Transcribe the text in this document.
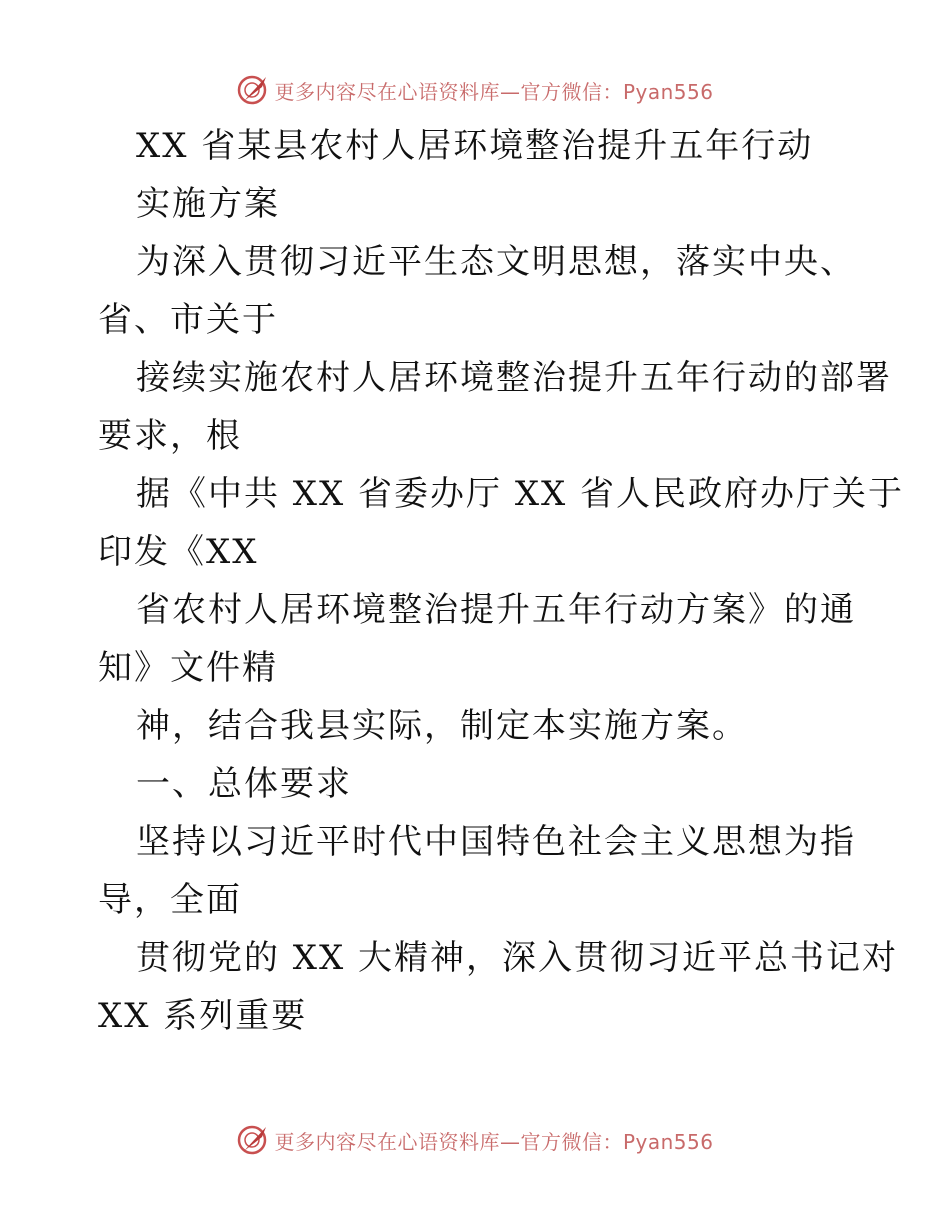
更多内容尽在心语资料库—官方微信：Pyan556
XX 省某县农村人居环境整治提升五年行动
实施方案
为深入贯彻习近平生态文明思想，落实中央、
省、市关于
接续实施农村人居环境整治提升五年行动的部署
要求，根
据《中共 XX 省委办厅 XX 省人民政府办厅关于
印发《XX
省农村人居环境整治提升五年行动方案》的通
知》文件精
神，结合我县实际，制定本实施方案。
一、总体要求
坚持以习近平时代中国特色社会主义思想为指
导，全面
贯彻党的 XX 大精神，深入贯彻习近平总书记对
XX 系列重要
更多内容尽在心语资料库—官方微信：Pyan556
